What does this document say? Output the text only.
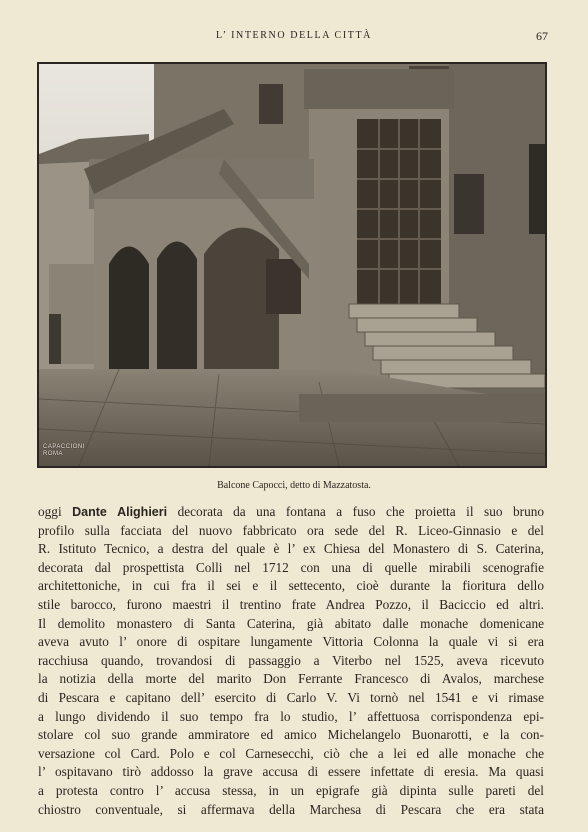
L’ INTERNO DELLA CITTÀ	67
CAPACCIONI
ROMA
Balcone Capocci, detto di Mazzatosta.
oggi Dante Alighieri decorata da una fontana a fuso che proietta il suo bruno
profilo sulla facciata del nuovo fabbricato ora sede del R. Liceo-Ginnasio e del
R. Istituto Tecnico, a destra del quale è l’ ex Chiesa del Monastero di S. Caterina,
decorata dal prospettista Colli nel 1712 con una di quelle mirabili scenografie
architettoniche, in cui fra il sei e il settecento, cioè durante la fioritura dello
stile barocco, furono maestri il trentino frate Andrea Pozzo, il Baciccio ed altri.
Il demolito monastero di Santa Caterina, già abitato dalle monache domenicane
aveva avuto l’ onore di ospitare lungamente Vittoria Colonna la quale vi si era
racchiusa quando, trovandosi di passaggio a Viterbo nel 1525, aveva ricevuto
la notizia della morte del marito Don Ferrante Francesco di Avalos, marchese
di Pescara e capitano dell’ esercito di Carlo V. Vi tornò nel 1541 e vi rimase
a lungo dividendo il suo tempo fra lo studio, l’ affettuosa corrispondenza epi-
stolare col suo grande ammiratore ed amico Michelangelo Buonarotti, e la con-
versazione col Card. Polo e col Carnesecchi, ciò che a lei ed alle monache che
l’ ospitavano tirò addosso la grave accusa di essere infettate di eresia. Ma quasi
a protesta contro l’ accusa stessa, in un epigrafe già dipinta sulle pareti del
chiostro conventuale, si affermava della Marchesa di Pescara che era stata
